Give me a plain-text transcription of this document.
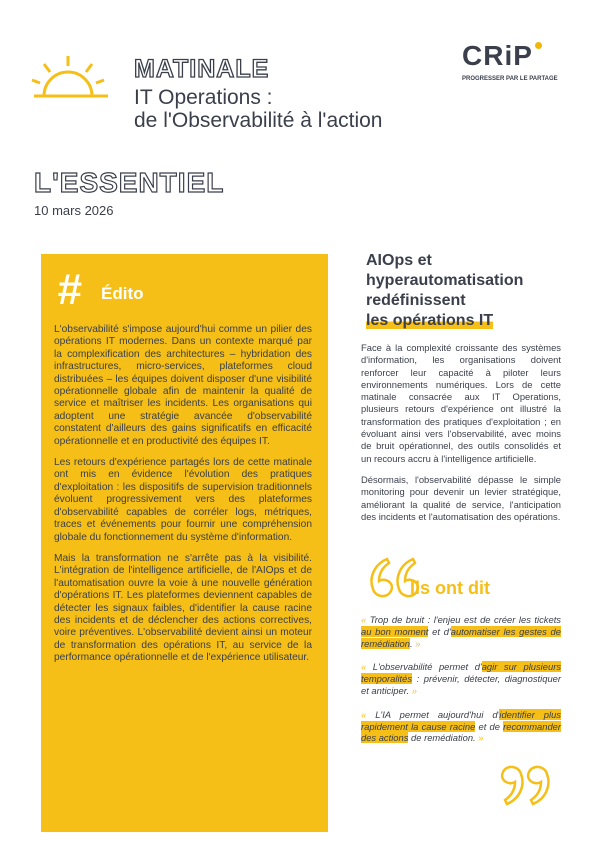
MATINALE
IT Operations :
de l'Observabilité à l'action
CRiP
PROGRESSER PAR LE PARTAGE
L'ESSENTIEL
10 mars 2026
# Édito

L'observabilité s'impose aujourd'hui comme un pilier des opérations IT modernes. Dans un contexte marqué par la complexification des architectures – hybridation des infrastructures, micro-services, plateformes cloud distribuées – les équipes doivent disposer d'une visibilité opérationnelle globale afin de maintenir la qualité de service et maîtriser les incidents. Les organisations qui adoptent une stratégie avancée d'observabilité constatent d'ailleurs des gains significatifs en efficacité opérationnelle et en productivité des équipes IT.

Les retours d'expérience partagés lors de cette matinale ont mis en évidence l'évolution des pratiques d'exploitation : les dispositifs de supervision traditionnels évoluent progressivement vers des plateformes d'observabilité capables de corréler logs, métriques, traces et événements pour fournir une compréhension globale du fonctionnement du système d'information.

Mais la transformation ne s'arrête pas à la visibilité. L'intégration de l'intelligence artificielle, de l'AIOps et de l'automatisation ouvre la voie à une nouvelle génération d'opérations IT. Les plateformes deviennent capables de détecter les signaux faibles, d'identifier la cause racine des incidents et de déclencher des actions correctives, voire préventives. L'observabilité devient ainsi un moteur de transformation des opérations IT, au service de la performance opérationnelle et de l'expérience utilisateur.

AIOps et
hyperautomatisation
redéfinissent
les opérations IT

Face à la complexité croissante des systèmes d'information, les organisations doivent renforcer leur capacité à piloter leurs environnements numériques. Lors de cette matinale consacrée aux IT Operations, plusieurs retours d'expérience ont illustré la transformation des pratiques d'exploitation ; en évoluant ainsi vers l'observabilité, avec moins de bruit opérationnel, des outils consolidés et un recours accru à l'intelligence artificielle.

Désormais, l'observabilité dépasse le simple monitoring pour devenir un levier stratégique, améliorant la qualité de service, l'anticipation des incidents et l'automatisation des opérations.

Ils ont dit

« Trop de bruit : l'enjeu est de créer les tickets au bon moment et d'automatiser les gestes de remédiation. »

« L'observabilité permet d'agir sur plusieurs temporalités : prévenir, détecter, diagnostiquer et anticiper. »

« L'IA permet aujourd'hui d'identifier plus rapidement la cause racine et de recommander des actions de remédiation. »
